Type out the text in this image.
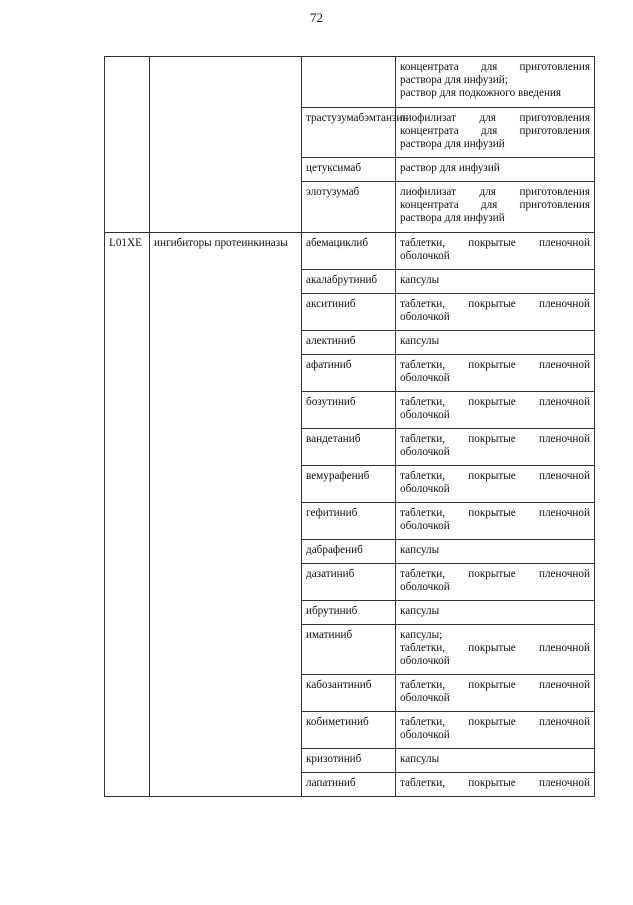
72

			концентрата для приготовления
раствора для инфузий;
раствор для подкожного введения

		трастузумабэмтанзин	лиофилизат для приготовления
концентрата для приготовления
раствора для инфузий

		цетуксимаб	раствор для инфузий

		элотузумаб	лиофилизат для приготовления
концентрата для приготовления
раствора для инфузий

L01XE	ингибиторы протеинкиназы	абемациклиб	таблетки, покрытые пленочной
оболочкой

		акалабрутиниб	капсулы

		акситиниб	таблетки, покрытые пленочной
оболочкой

		алектиниб	капсулы

		афатиниб	таблетки, покрытые пленочной
оболочкой

		бозутиниб	таблетки, покрытые пленочной
оболочкой

		вандетаниб	таблетки, покрытые пленочной
оболочкой

		вемурафениб	таблетки, покрытые пленочной
оболочкой

		гефитиниб	таблетки, покрытые пленочной
оболочкой

		дабрафениб	капсулы

		дазатиниб	таблетки, покрытые пленочной
оболочкой

		ибрутиниб	капсулы

		иматиниб	капсулы;
таблетки, покрытые пленочной
оболочкой

		кабозантиниб	таблетки, покрытые пленочной
оболочкой

		кобиметиниб	таблетки, покрытые пленочной
оболочкой

		кризотиниб	капсулы

		лапатиниб	таблетки, покрытые пленочной
